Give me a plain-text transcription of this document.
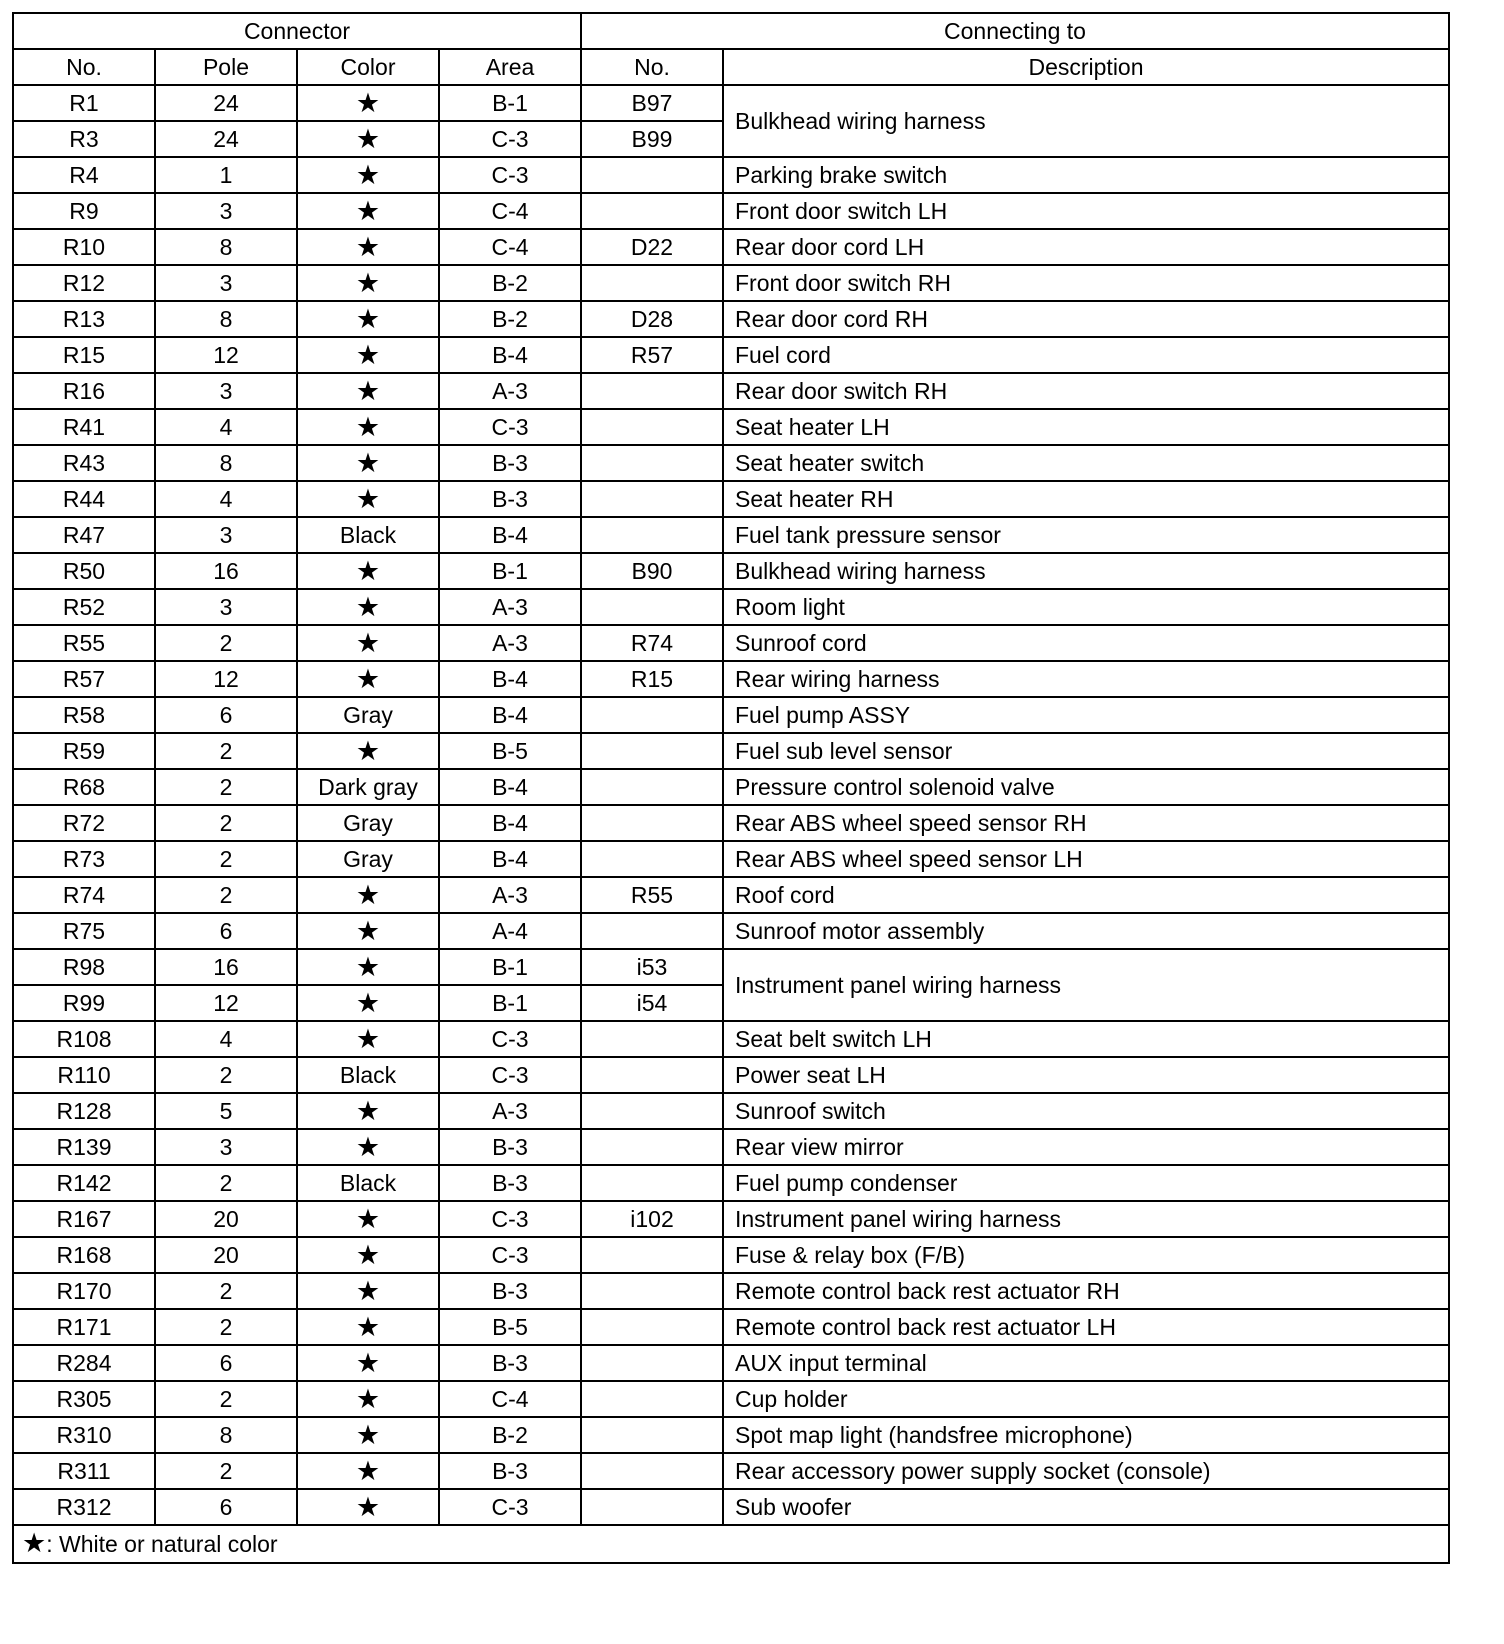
Connector				Connecting to	
No.	Pole	Color	Area	No.	Description
R1	24	★	B-1	B97	Bulkhead wiring harness
R3	24	★	C-3	B99	
R4	1	★	C-3		Parking brake switch
R9	3	★	C-4		Front door switch LH
R10	8	★	C-4	D22	Rear door cord LH
R12	3	★	B-2		Front door switch RH
R13	8	★	B-2	D28	Rear door cord RH
R15	12	★	B-4	R57	Fuel cord
R16	3	★	A-3		Rear door switch RH
R41	4	★	C-3		Seat heater LH
R43	8	★	B-3		Seat heater switch
R44	4	★	B-3		Seat heater RH
R47	3	Black	B-4		Fuel tank pressure sensor
R50	16	★	B-1	B90	Bulkhead wiring harness
R52	3	★	A-3		Room light
R55	2	★	A-3	R74	Sunroof cord
R57	12	★	B-4	R15	Rear wiring harness
R58	6	Gray	B-4		Fuel pump ASSY
R59	2	★	B-5		Fuel sub level sensor
R68	2	Dark gray	B-4		Pressure control solenoid valve
R72	2	Gray	B-4		Rear ABS wheel speed sensor RH
R73	2	Gray	B-4		Rear ABS wheel speed sensor LH
R74	2	★	A-3	R55	Roof cord
R75	6	★	A-4		Sunroof motor assembly
R98	16	★	B-1	i53	Instrument panel wiring harness
R99	12	★	B-1	i54	
R108	4	★	C-3		Seat belt switch LH
R110	2	Black	C-3		Power seat LH
R128	5	★	A-3		Sunroof switch
R139	3	★	B-3		Rear view mirror
R142	2	Black	B-3		Fuel pump condenser
R167	20	★	C-3	i102	Instrument panel wiring harness
R168	20	★	C-3		Fuse & relay box (F/B)
R170	2	★	B-3		Remote control back rest actuator RH
R171	2	★	B-5		Remote control back rest actuator LH
R284	6	★	B-3		AUX input terminal
R305	2	★	C-4		Cup holder
R310	8	★	B-2		Spot map light (handsfree microphone)
R311	2	★	B-3		Rear accessory power supply socket (console)
R312	6	★	C-3		Sub woofer
★: White or natural color					
